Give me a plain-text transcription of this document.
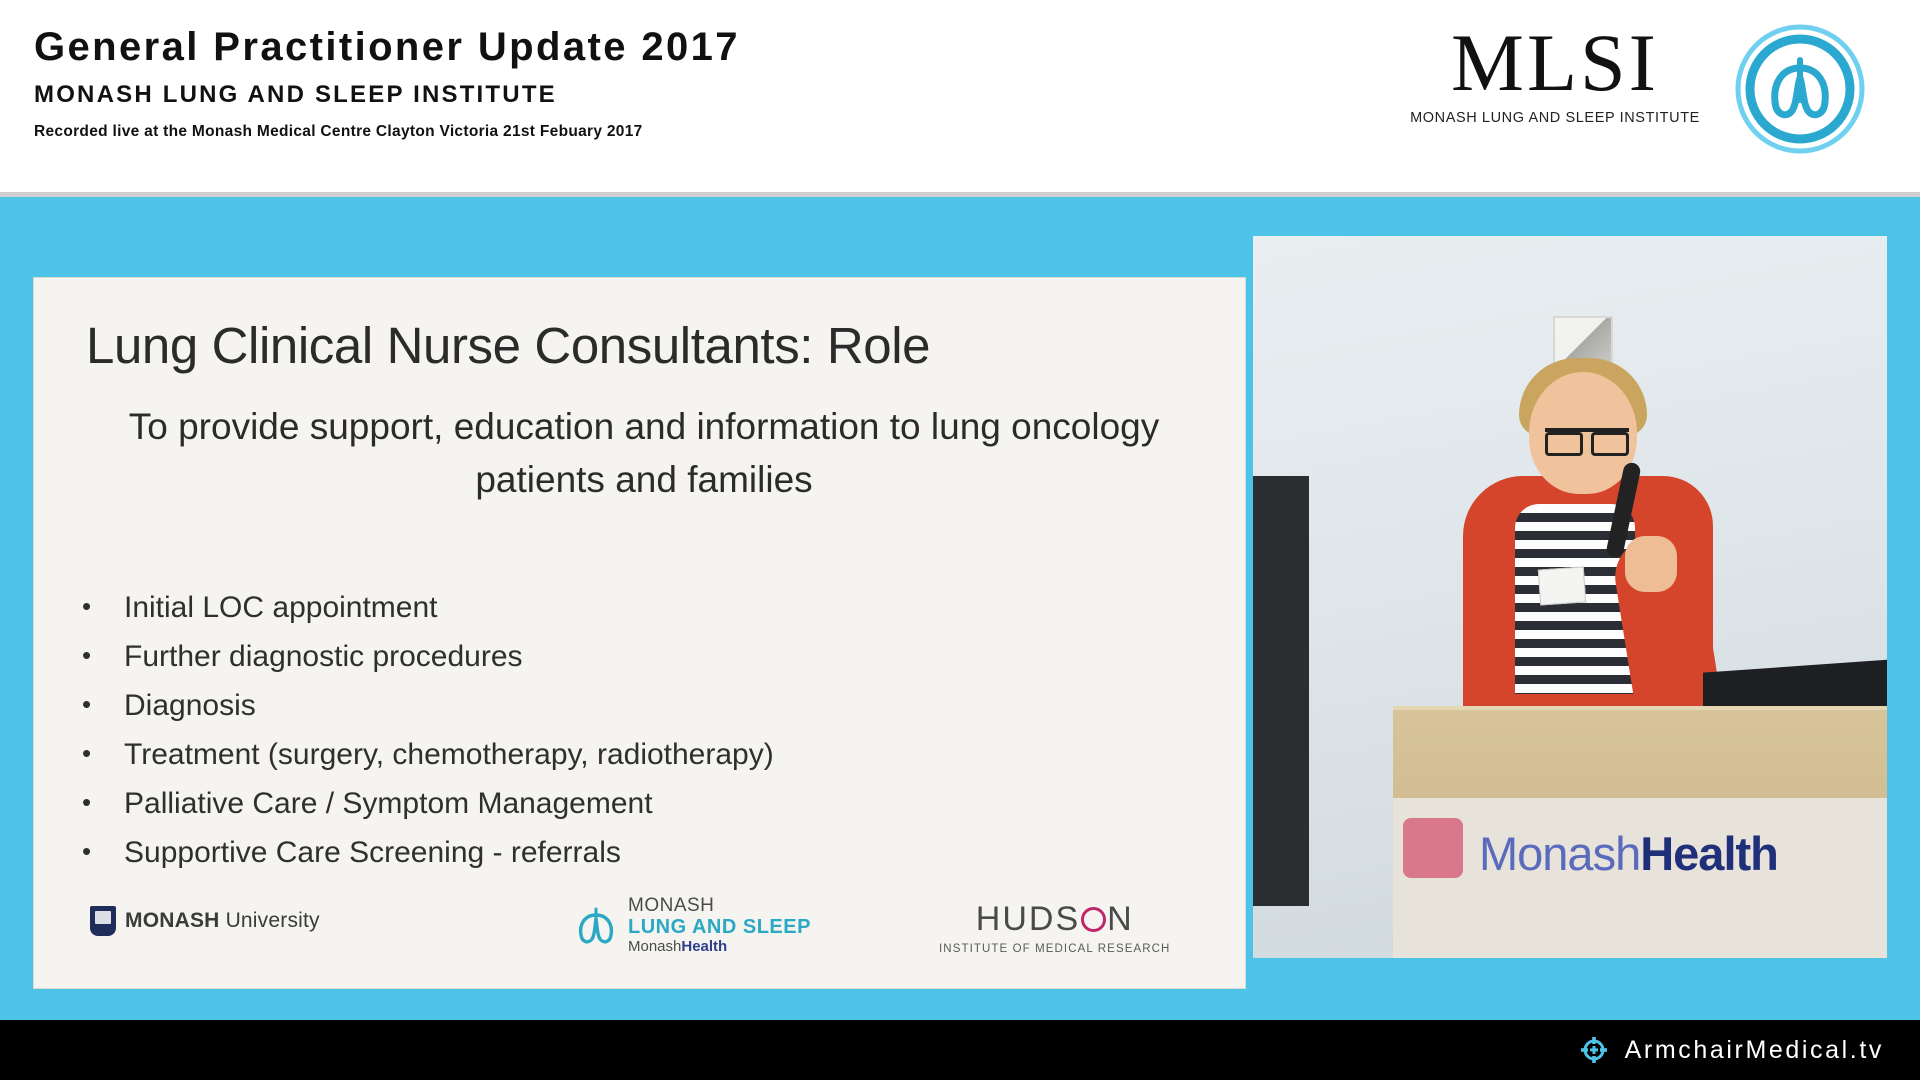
General Practitioner Update 2017
MONASH LUNG AND SLEEP INSTITUTE
Recorded live at the Monash Medical Centre Clayton Victoria 21st Febuary 2017
MLSI
MONASH LUNG AND SLEEP INSTITUTE
Lung Clinical Nurse Consultants: Role
To provide support, education and information to lung oncology patients and families
•	Initial LOC appointment
•	Further diagnostic procedures
•	Diagnosis
•	Treatment (surgery, chemotherapy, radiotherapy)
•	Palliative Care / Symptom Management
•	Supportive Care Screening - referrals
MONASH University
MONASH
LUNG AND SLEEP
MonashHealth
HUDS N
INSTITUTE OF MEDICAL RESEARCH
MonashHealth
ArmchairMedical.tv
